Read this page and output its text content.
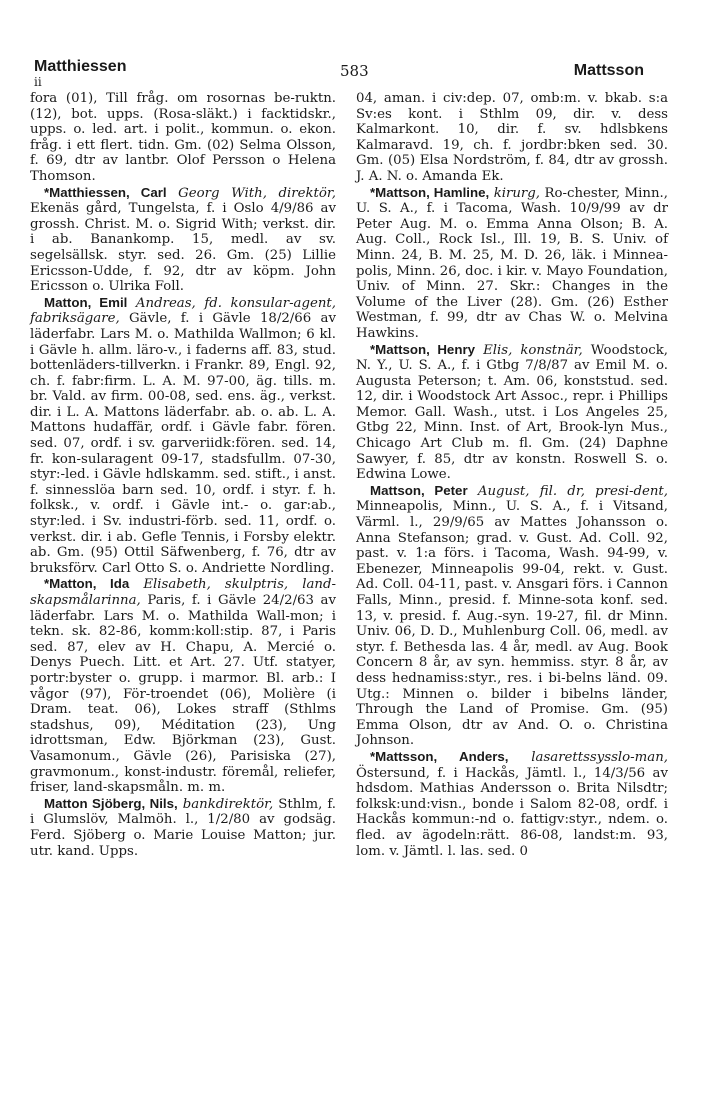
Matthiessen
ii
583	Mattsson

fora (01), Till fråg. om rosornas be-ruktn. (12), bot. upps. (Rosa-släkt.) i facktidskr., upps. o. led. art. i polit., kommun. o. ekon. fråg. i ett flert. tidn. Gm. (02) Selma Olsson, f. 69, dtr av lantbr. Olof Persson o Helena Thomson.

*Matthiessen, Carl Georg With, direktör, Ekenäs gård, Tungelsta, f. i Oslo 4/9/86 av grossh. Christ. M. o. Sigrid With; verkst. dir. i ab. Banankomp. 15, medl. av sv. segelsällsk. styr. sed. 26. Gm. (25) Lillie Ericsson-Udde, f. 92, dtr av köpm. John Ericsson o. Ulrika Foll.

Matton, Emil Andreas, fd. konsular-agent, fabriksägare, Gävle, f. i Gävle 18/2/66 av läderfabr. Lars M. o. Mathilda Wallmon; 6 kl. i Gävle h. allm. läro-v., i faderns aff. 83, stud. bottenläders-tillverkn. i Frankr. 89, Engl. 92, ch. f. fabr:firm. L. A. M. 97-00, äg. tills. m. br. Vald. av firm. 00-08, sed. ens. äg., verkst. dir. i L. A. Mattons läderfabr. ab. o. ab. L. A. Mattons hudaffär, ordf. i Gävle fabr. fören. sed. 07, ordf. i sv. garveriidk:fören. sed. 14, fr. kon-sularagent 09-17, stadsfullm. 07-30, styr:-led. i Gävle hdlskamm. sed. stift., i anst. f. sinnesslöa barn sed. 10, ordf. i styr. f. h. folksk., v. ordf. i Gävle int.- o. gar:ab., styr:led. i Sv. industri-förb. sed. 11, ordf. o. verkst. dir. i ab. Gefle Tennis, i Forsby elektr. ab. Gm. (95) Ottil Säfwenberg, f. 76, dtr av bruksförv. Carl Otto S. o. Andriette Nordling.

*Matton, Ida Elisabeth, skulptris, land-skapsmålarinna, Paris, f. i Gävle 24/2/63 av läderfabr. Lars M. o. Mathilda Wall-mon; i tekn. sk. 82-86, komm:koll:stip. 87, i Paris sed. 87, elev av H. Chapu, A. Mercié o. Denys Puech. Litt. et Art. 27. Utf. statyer, portr:byster o. grupp. i marmor. Bl. arb.: I vågor (97), För-troendet (06), Molière (i Dram. teat. 06), Lokes straff (Sthlms stadshus, 09), Méditation (23), Ung idrottsman, Edw. Björkman (23), Gust. Vasamonum., Gävle (26), Parisiska (27), gravmonum., konst-industr. föremål, reliefer, friser, land-skapsmåln. m. m.

Matton Sjöberg, Nils, bankdirektör, Sthlm, f. i Glumslöv, Malmöh. l., 1/2/80 av godsäg. Ferd. Sjöberg o. Marie Louise Matton; jur. utr. kand. Upps.

04, aman. i civ:dep. 07, omb:m. v. bkab. s:a Sv:es kont. i Sthlm 09, dir. v. dess Kalmarkont. 10, dir. f. sv. hdlsbkens Kalmaravd. 19, ch. f. jordbr:bken sed. 30. Gm. (05) Elsa Nordström, f. 84, dtr av grossh. J. A. N. o. Amanda Ek.

*Mattson, Hamline, kirurg, Ro-chester, Minn., U. S. A., f. i Tacoma, Wash. 10/9/99 av dr Peter Aug. M. o. Emma Anna Olson; B. A. Aug. Coll., Rock Isl., Ill. 19, B. S. Univ. of Minn. 24, B. M. 25, M. D. 26, läk. i Minnea-polis, Minn. 26, doc. i kir. v. Mayo Foundation, Univ. of Minn. 27. Skr.: Changes in the Volume of the Liver (28). Gm. (26) Esther Westman, f. 99, dtr av Chas W. o. Melvina Hawkins.

*Mattson, Henry Elis, konstnär, Woodstock, N. Y., U. S. A., f. i Gtbg 7/8/87 av Emil M. o. Augusta Peterson; t. Am. 06, konststud. sed. 12, dir. i Woodstock Art Assoc., repr. i Phillips Memor. Gall. Wash., utst. i Los Angeles 25, Gtbg 22, Minn. Inst. of Art, Brook-lyn Mus., Chicago Art Club m. fl. Gm. (24) Daphne Sawyer, f. 85, dtr av konstn. Roswell S. o. Edwina Lowe.

Mattson, Peter August, fil. dr, presi-dent, Minneapolis, Minn., U. S. A., f. i Vitsand, Värml. l., 29/9/65 av Mattes Johansson o. Anna Stefanson; grad. v. Gust. Ad. Coll. 92, past. v. 1:a förs. i Tacoma, Wash. 94-99, v. Ebenezer, Minneapolis 99-04, rekt. v. Gust. Ad. Coll. 04-11, past. v. Ansgari förs. i Cannon Falls, Minn., presid. f. Minne-sota konf. sed. 13, v. presid. f. Aug.-syn. 19-27, fil. dr Minn. Univ. 06, D. D., Muhlenburg Coll. 06, medl. av styr. f. Bethesda las. 4 år, medl. av Aug. Book Concern 8 år, av syn. hemmiss. styr. 8 år, av dess hednamiss:styr., res. i bi-belns länd. 09. Utg.: Minnen o. bilder i bibelns länder, Through the Land of Promise. Gm. (95) Emma Olson, dtr av And. O. o. Christina Johnson.

*Mattsson, Anders, lasarettssysslo-man, Östersund, f. i Hackås, Jämtl. l., 14/3/56 av hdsdom. Mathias Andersson o. Brita Nilsdtr; folksk:und:visn., bonde i Salom 82-08, ordf. i Hackås kommun:-nd o. fattigv:styr., ndem. o. fled. av ägodeln:rätt. 86-08, landst:m. 93, lom. v. Jämtl. l. las. sed. 0
